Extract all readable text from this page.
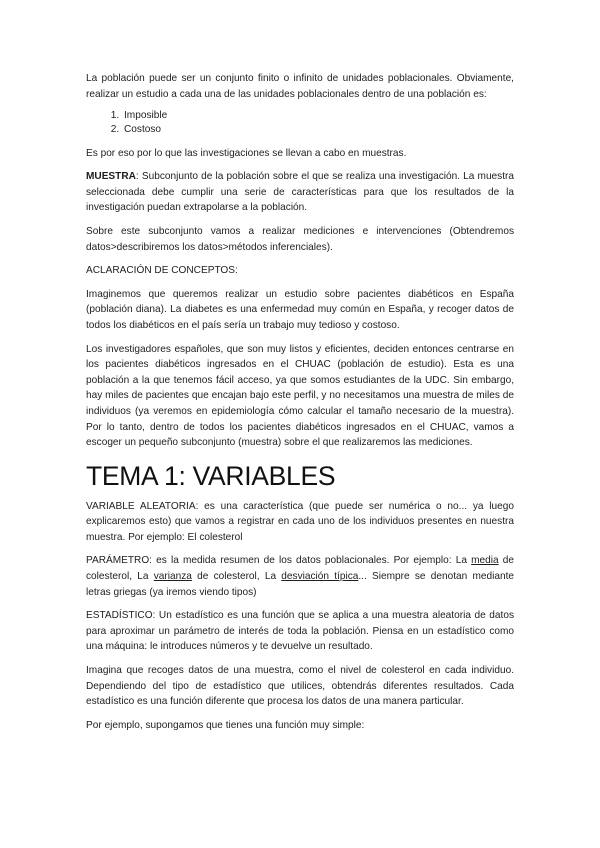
La población puede ser un conjunto finito o infinito de unidades poblacionales. Obviamente, realizar un estudio a cada una de las unidades poblacionales dentro de una población es:

1. Imposible
2. Costoso

Es por eso por lo que las investigaciones se llevan a cabo en muestras.

MUESTRA: Subconjunto de la población sobre el que se realiza una investigación. La muestra seleccionada debe cumplir una serie de características para que los resultados de la investigación puedan extrapolarse a la población.

Sobre este subconjunto vamos a realizar mediciones e intervenciones (Obtendremos datos>describiremos los datos>métodos inferenciales).

ACLARACIÓN DE CONCEPTOS:

Imaginemos que queremos realizar un estudio sobre pacientes diabéticos en España (población diana). La diabetes es una enfermedad muy común en España, y recoger datos de todos los diabéticos en el país sería un trabajo muy tedioso y costoso.

Los investigadores españoles, que son muy listos y eficientes, deciden entonces centrarse en los pacientes diabéticos ingresados en el CHUAC (población de estudio). Esta es una población a la que tenemos fácil acceso, ya que somos estudiantes de la UDC. Sin embargo, hay miles de pacientes que encajan bajo este perfil, y no necesitamos una muestra de miles de individuos (ya veremos en epidemiología cómo calcular el tamaño necesario de la muestra). Por lo tanto, dentro de todos los pacientes diabéticos ingresados en el CHUAC, vamos a escoger un pequeño subconjunto (muestra) sobre el que realizaremos las mediciones.

TEMA 1: VARIABLES

VARIABLE ALEATORIA: es una característica (que puede ser numérica o no... ya luego explicaremos esto) que vamos a registrar en cada uno de los individuos presentes en nuestra muestra. Por ejemplo: El colesterol

PARÁMETRO: es la medida resumen de los datos poblacionales. Por ejemplo: La media de colesterol, La varianza de colesterol, La desviación típica... Siempre se denotan mediante letras griegas (ya iremos viendo tipos)

ESTADÍSTICO: Un estadístico es una función que se aplica a una muestra aleatoria de datos para aproximar un parámetro de interés de toda la población. Piensa en un estadístico como una máquina: le introduces números y te devuelve un resultado.

Imagina que recoges datos de una muestra, como el nivel de colesterol en cada individuo. Dependiendo del tipo de estadístico que utilices, obtendrás diferentes resultados. Cada estadístico es una función diferente que procesa los datos de una manera particular.

Por ejemplo, supongamos que tienes una función muy simple:
